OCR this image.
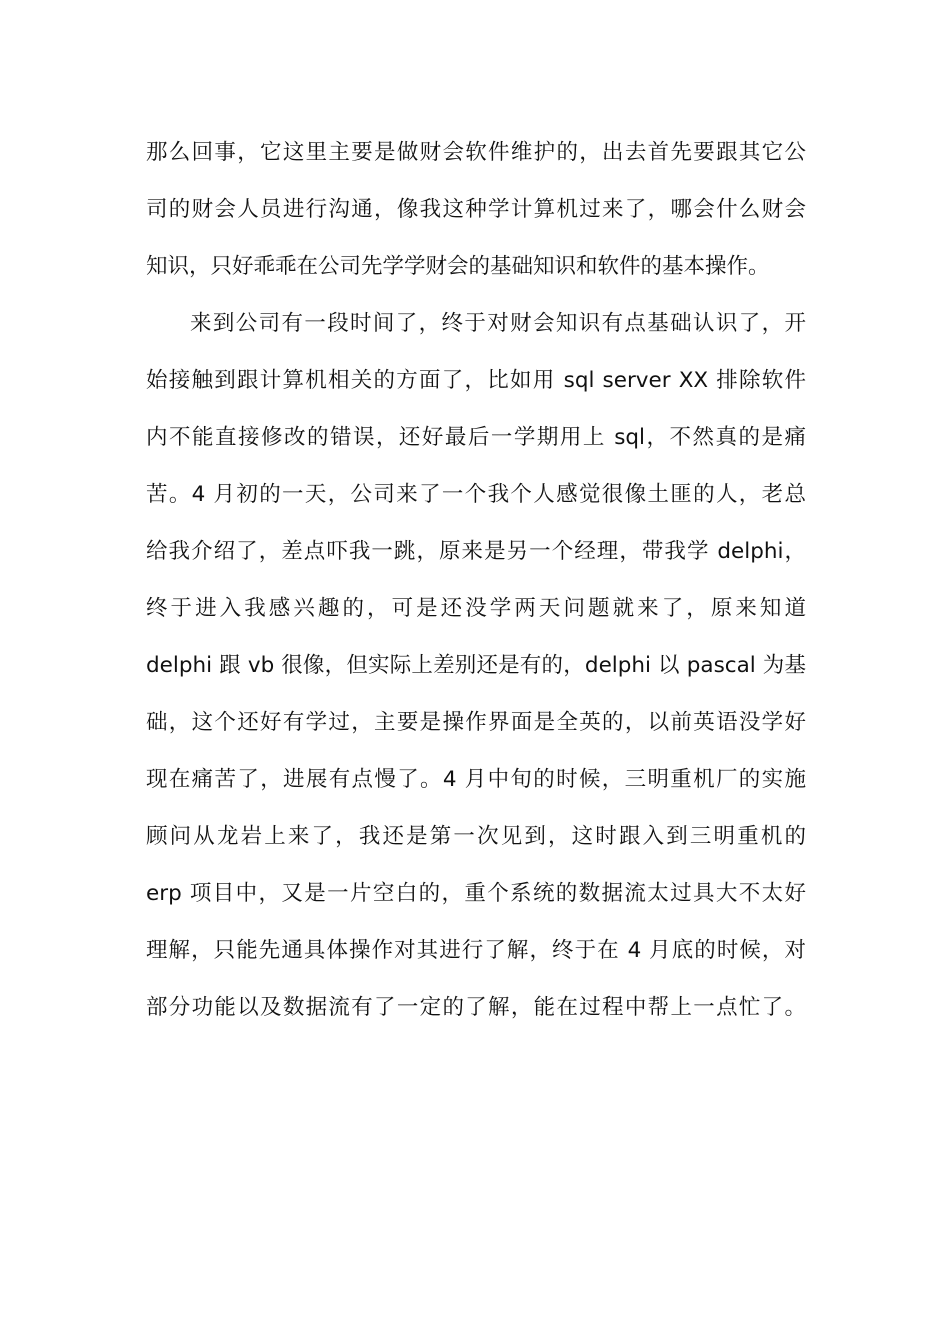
那么回事，它这里主要是做财会软件维护的，出去首先要跟其它公
司的财会人员进行沟通，像我这种学计算机过来了，哪会什么财会
知识，只好乖乖在公司先学学财会的基础知识和软件的基本操作。
来到公司有一段时间了，终于对财会知识有点基础认识了，开
始接触到跟计算机相关的方面了，比如用 sql server XX 排除软件
内不能直接修改的错误，还好最后一学期用上 sql，不然真的是痛
苦。4 月初的一天，公司来了一个我个人感觉很像土匪的人，老总
给我介绍了，差点吓我一跳，原来是另一个经理，带我学 delphi，
终于进入我感兴趣的，可是还没学两天问题就来了，原来知道
delphi 跟 vb 很像，但实际上差别还是有的，delphi 以 pascal 为基
础，这个还好有学过，主要是操作界面是全英的，以前英语没学好
现在痛苦了，进展有点慢了。4 月中旬的时候，三明重机厂的实施
顾问从龙岩上来了，我还是第一次见到，这时跟入到三明重机的
erp 项目中，又是一片空白的，重个系统的数据流太过具大不太好
理解，只能先通具体操作对其进行了解，终于在 4 月底的时候，对
部分功能以及数据流有了一定的了解，能在过程中帮上一点忙了。
